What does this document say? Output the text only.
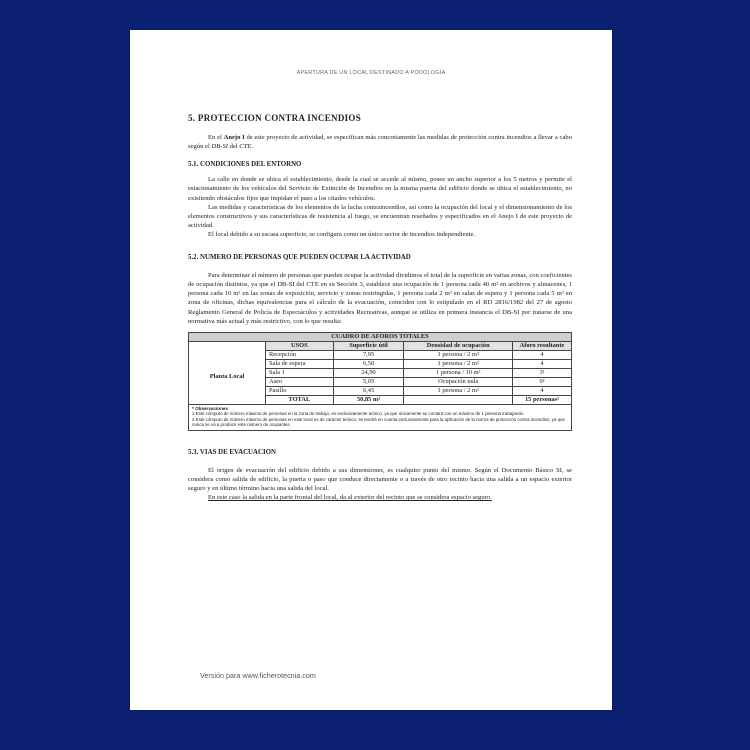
APERTURA DE UN LOCAL DESTINADO A PODOLOGÍA
5. PROTECCION CONTRA INCENDIOS

En el Anejo I de este proyecto de actividad, se especifican más concretamente las medidas de protección contra incendios a llevar a cabo según el DB-SI del CTE.

5.1. CONDICIONES DEL ENTORNO

La calle en donde se ubica el establecimiento, desde la cual se accede al mismo, posee un ancho superior a los 5 metros y permite el estacionamiento de los vehículos del Servicio de Extinción de Incendios en la misma puerta del edificio donde se ubica el establecimiento, no existiendo obstáculos fijos que impidan el paso a los citados vehículos.

Las medidas y características de los elementos de la lucha contraincendios, así como la ocupación del local y el dimensionamiento de los elementos constructivos y sus características de resistencia al fuego, se encuentran reseñados y especificados en el Anejo I de este proyecto de actividad.

El local debido a su escasa superficie, se configura como un único sector de incendios independiente.

5.2. NUMERO DE PERSONAS QUE PUEDEN OCUPAR LA ACTIVIDAD

Para determinar el número de personas que pueden ocupar la actividad dividimos el total de la superficie en varias zonas, con coeficientes de ocupación distintos, ya que el DB-SI del CTE en su Sección 3, establece una ocupación de 1 persona cada 40 m² en archivos y almacenes, 1 persona cada 10 m² en las zonas de exposición, servicio y zonas restringidas, 1 persona cada 2 m² en salas de espera y 1 persona cada 5 m² en zona de oficinas, dichas equivalencias para el cálculo de la evacuación, coinciden con lo estipulado en el RD 2816/1982 del 27 de agosto Reglamento General de Policía de Espectáculos y actividades Recreativas, aunque se utiliza en primera instancia el DB-SI por tratarse de una normativa más actual y más restrictivo, con lo que resulta:

CUADRO DE AFOROS TOTALES				
	USOS	Superficie útil	Densidad de ocupación	Aforo resultante
Planta Local	Recepción	7,95	1 persona / 2 m²	4
	Sala de espera	6,50	1 persona / 2 m²	4
	Sala 1	24,90	1 persona / 10 m²	3¹
	Aseo	5,05	Ocupación nula	0²
	Pasillo	6,45	1 persona / 2 m²	4
	TOTAL	50,85 m²		15 personas²
* Observaciones
1 Este cómputo de número máximo de personas en la zona de trabajo, es exclusivamente teórico, ya que únicamente se contará con un máximo de 1 persona trabajando.
2 Este cómputo de número máximo de personas en este local es de carácter teórico, se tendrá en cuenta exclusivamente para la aplicación de la norma de protección contra incendios, ya que nunca se va a producir este número de ocupantes.
5.3. VIAS DE EVACUACION

El origen de evacuación del edificio debido a sus dimensiones, es cualquier punto del mismo. Según el Documento Básico SI, se considera como salida de edificio, la puerta o paso que conduce directamente o a través de otro recinto hacia una salida a un espacio exterior seguro y en último término hacia una salida del local.

En este caso la salida en la parte frontal del local, da al exterior del recinto que se considera espacio seguro.

Versión para www.ficherotecnia.com
